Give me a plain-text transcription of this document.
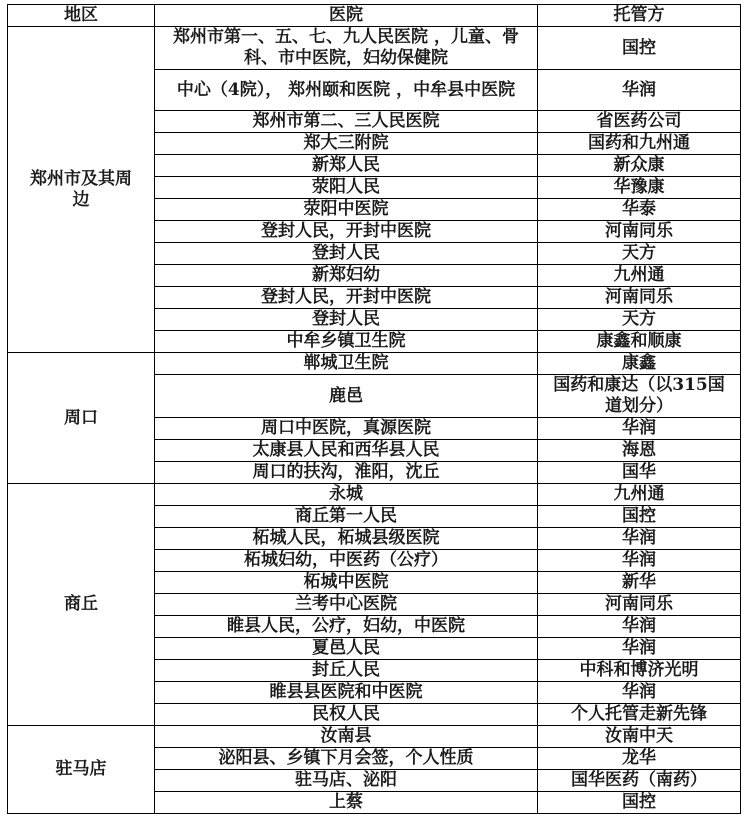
地区	医院	托管方
郑州市及其周边	郑州市第一、五、七、九人民医院 ，儿童、骨科、市中医院，妇幼保健院	国控
	中心（4院）， 郑州颐和医院 ，中牟县中医院	华润
	郑州市第二、三人民医院	省医药公司
	郑大三附院	国药和九州通
	新郑人民	新众康
	荥阳人民	华豫康
	荥阳中医院	华泰
	登封人民，开封中医院	河南同乐
	登封人民	天方
	新郑妇幼	九州通
	登封人民，开封中医院	河南同乐
	登封人民	天方
	中牟乡镇卫生院	康鑫和顺康
周口	郸城卫生院	康鑫
	鹿邑	国药和康达（以315国道划分）
	周口中医院，真源医院	华润
	太康县人民和西华县人民	海恩
	周口的扶沟，淮阳，沈丘	国华
商丘	永城	九州通
	商丘第一人民	国控
	柘城人民，柘城县级医院	华润
	柘城妇幼，中医药（公疗）	华润
	柘城中医院	新华
	兰考中心医院	河南同乐
	睢县人民，公疗，妇幼，中医院	华润
	夏邑人民	华润
	封丘人民	中科和博济光明
	睢县县医院和中医院	华润
	民权人民	个人托管走新先锋
驻马店	汝南县	汝南中天
	泌阳县、乡镇下月会签，个人性质	龙华
	驻马店、泌阳	国华医药（南药）
	上蔡	国控
